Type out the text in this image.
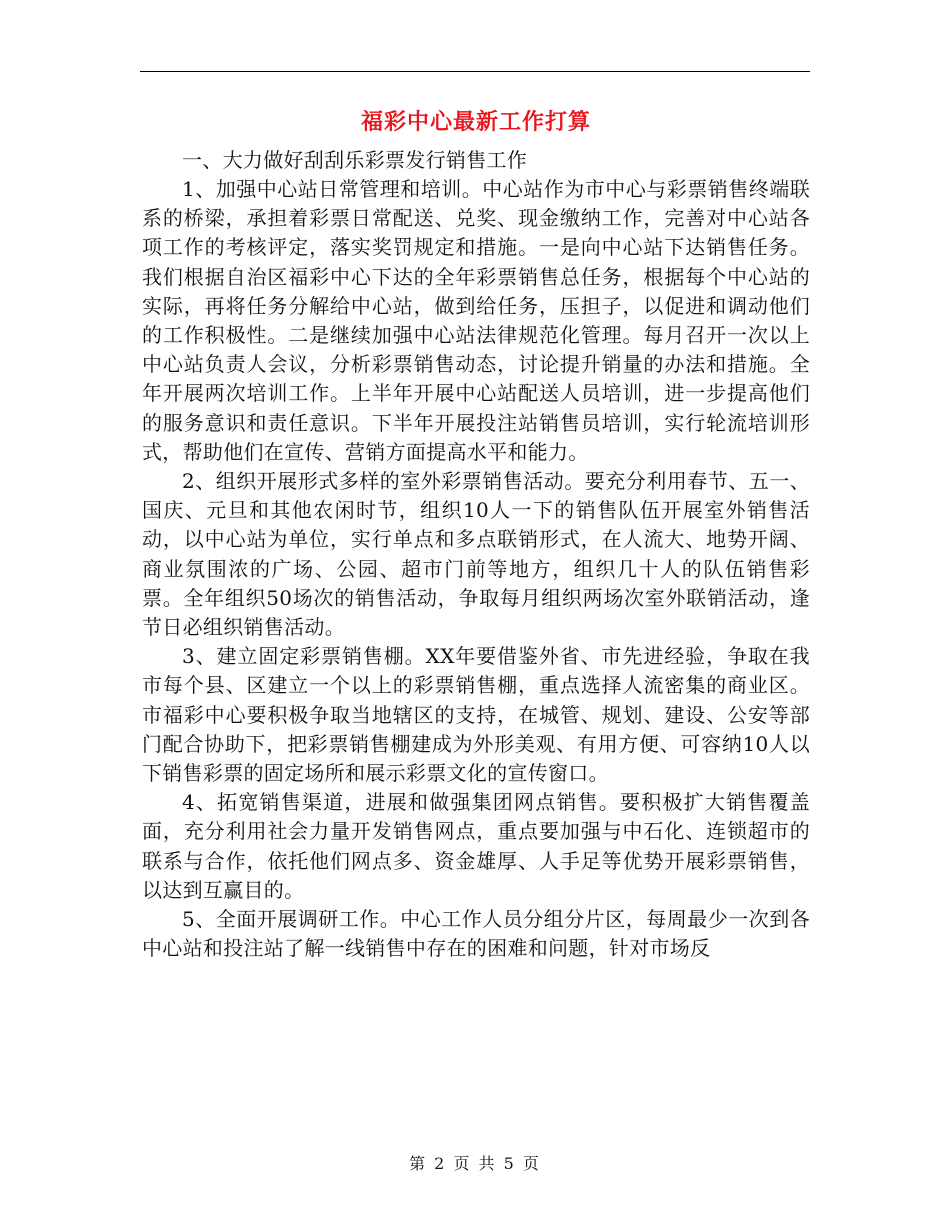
福彩中心最新工作打算

一、大力做好刮刮乐彩票发行销售工作

1、加强中心站日常管理和培训。中心站作为市中心与彩票销售终端联系的桥梁，承担着彩票日常配送、兑奖、现金缴纳工作，完善对中心站各项工作的考核评定，落实奖罚规定和措施。一是向中心站下达销售任务。我们根据自治区福彩中心下达的全年彩票销售总任务，根据每个中心站的实际，再将任务分解给中心站，做到给任务，压担子，以促进和调动他们的工作积极性。二是继续加强中心站法律规范化管理。每月召开一次以上中心站负责人会议，分析彩票销售动态，讨论提升销量的办法和措施。全年开展两次培训工作。上半年开展中心站配送人员培训，进一步提高他们的服务意识和责任意识。下半年开展投注站销售员培训，实行轮流培训形式，帮助他们在宣传、营销方面提高水平和能力。

2、组织开展形式多样的室外彩票销售活动。要充分利用春节、五一、国庆、元旦和其他农闲时节，组织10人一下的销售队伍开展室外销售活动，以中心站为单位，实行单点和多点联销形式，在人流大、地势开阔、商业氛围浓的广场、公园、超市门前等地方，组织几十人的队伍销售彩票。全年组织50场次的销售活动，争取每月组织两场次室外联销活动，逢节日必组织销售活动。

3、建立固定彩票销售棚。XX年要借鉴外省、市先进经验，争取在我市每个县、区建立一个以上的彩票销售棚，重点选择人流密集的商业区。市福彩中心要积极争取当地辖区的支持，在城管、规划、建设、公安等部门配合协助下，把彩票销售棚建成为外形美观、有用方便、可容纳10人以下销售彩票的固定场所和展示彩票文化的宣传窗口。

4、拓宽销售渠道，进展和做强集团网点销售。要积极扩大销售覆盖面，充分利用社会力量开发销售网点，重点要加强与中石化、连锁超市的联系与合作，依托他们网点多、资金雄厚、人手足等优势开展彩票销售，以达到互赢目的。

5、全面开展调研工作。中心工作人员分组分片区，每周最少一次到各中心站和投注站了解一线销售中存在的困难和问题，针对市场反

第 2 页 共 5 页
